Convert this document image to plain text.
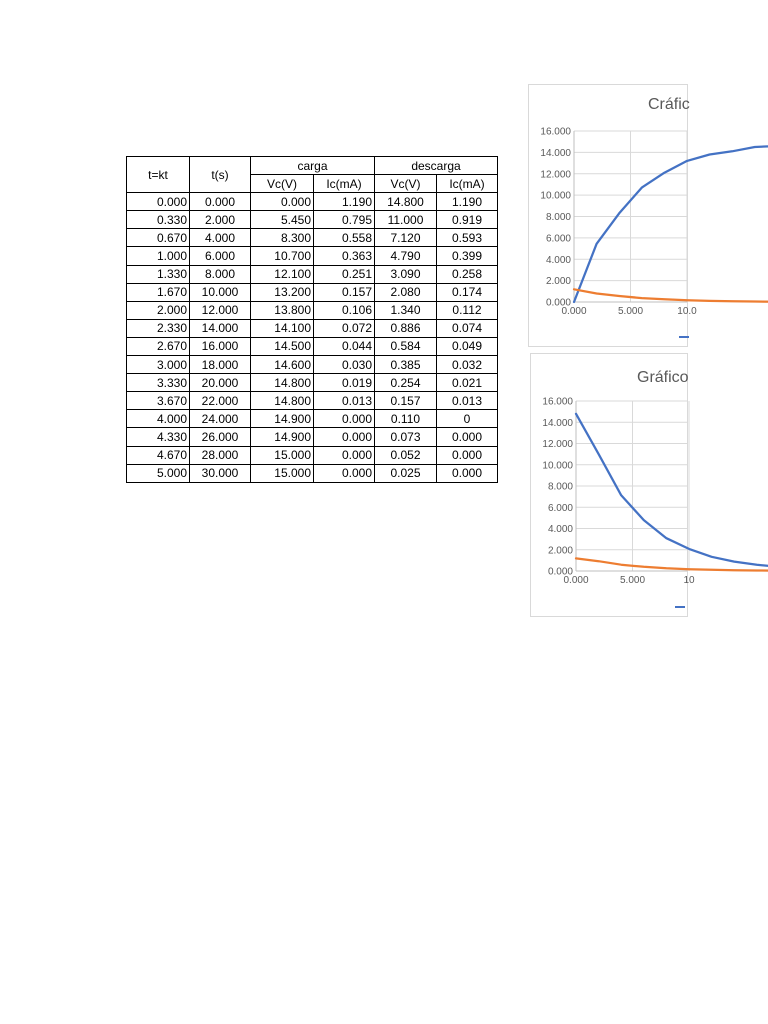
t=kt	t(s)	carga		descarga	
		Vc(V)	Ic(mA)	Vc(V)	Ic(mA)
0.000	0.000	0.000	1.190	14.800	1.190
0.330	2.000	5.450	0.795	11.000	0.919
0.670	4.000	8.300	0.558	7.120	0.593
1.000	6.000	10.700	0.363	4.790	0.399
1.330	8.000	12.100	0.251	3.090	0.258
1.670	10.000	13.200	0.157	2.080	0.174
2.000	12.000	13.800	0.106	1.340	0.112
2.330	14.000	14.100	0.072	0.886	0.074
2.670	16.000	14.500	0.044	0.584	0.049
3.000	18.000	14.600	0.030	0.385	0.032
3.330	20.000	14.800	0.019	0.254	0.021
3.670	22.000	14.800	0.013	0.157	0.013
4.000	24.000	14.900	0.000	0.110	0
4.330	26.000	14.900	0.000	0.073	0.000
4.670	28.000	15.000	0.000	0.052	0.000
5.000	30.000	15.000	0.000	0.025	0.000
Cráfic
0.000
2.000
4.000
6.000
8.000
10.000
12.000
14.000
16.000
0.000	5.000	10.0
Gráfico
0.000
2.000
4.000
6.000
8.000
10.000
12.000
14.000
16.000
0.000	5.000	10
